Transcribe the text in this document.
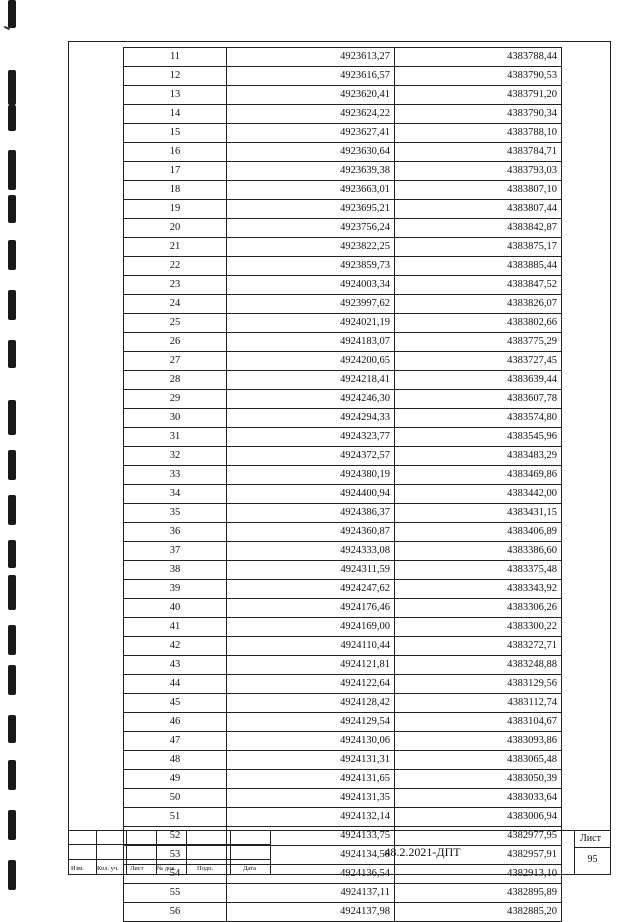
11	4923613,27	4383788,44
12	4923616,57	4383790,53
13	4923620,41	4383791,20
14	4923624,22	4383790,34
15	4923627,41	4383788,10
16	4923630,64	4383784,71
17	4923639,38	4383793,03
18	4923663,01	4383807,10
19	4923695,21	4383807,44
20	4923756,24	4383842,87
21	4923822,25	4383875,17
22	4923859,73	4383885,44
23	4924003,34	4383847,52
24	4923997,62	4383826,07
25	4924021,19	4383802,66
26	4924183,07	4383775,29
27	4924200,65	4383727,45
28	4924218,41	4383639,44
29	4924246,30	4383607,78
30	4924294,33	4383574,80
31	4924323,77	4383545,96
32	4924372,57	4383483,29
33	4924380,19	4383469,86
34	4924400,94	4383442,00
35	4924386,37	4383431,15
36	4924360,87	4383406,89
37	4924333,08	4383386,60
38	4924311,59	4383375,48
39	4924247,62	4383343,92
40	4924176,46	4383306,26
41	4924169,00	4383300,22
42	4924110,44	4383272,71
43	4924121,81	4383248,88
44	4924122,64	4383129,56
45	4924128,42	4383112,74
46	4924129,54	4383104,67
47	4924130,06	4383093,86
48	4924131,31	4383065,48
49	4924131,65	4383050,39
50	4924131,35	4383033,64
51	4924132,14	4383006,94
52	4924133,75	4382977,95
53	4924134,58	4382957,91
54	4924136,54	4382913,10
55	4924137,11	4382895,89
56	4924137,98	4382885,20
Изм. Кол. уч. Лист № док.	Подп.	Дата
48.2.2021-ДПТ
Лист
95
